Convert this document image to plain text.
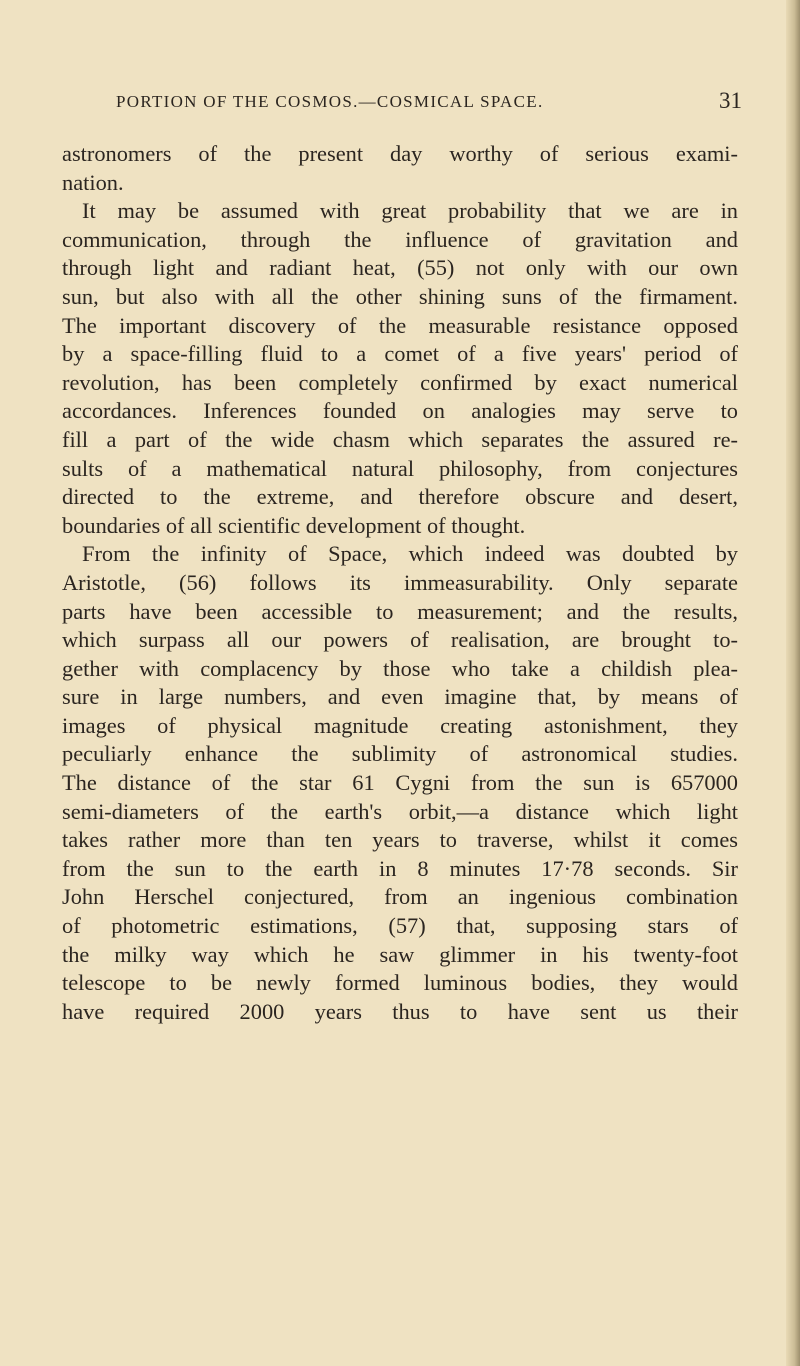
PORTION OF THE COSMOS.—COSMICAL SPACE.	31
astronomers of the present day worthy of serious exami-
nation.
It may be assumed with great probability that we are in
communication, through the influence of gravitation and
through light and radiant heat, (55) not only with our own
sun, but also with all the other shining suns of the firmament.
The important discovery of the measurable resistance opposed
by a space-filling fluid to a comet of a five years' period of
revolution, has been completely confirmed by exact numerical
accordances. Inferences founded on analogies may serve to
fill a part of the wide chasm which separates the assured re-
sults of a mathematical natural philosophy, from conjectures
directed to the extreme, and therefore obscure and desert,
boundaries of all scientific development of thought.
From the infinity of Space, which indeed was doubted by
Aristotle, (56) follows its immeasurability. Only separate
parts have been accessible to measurement; and the results,
which surpass all our powers of realisation, are brought to-
gether with complacency by those who take a childish plea-
sure in large numbers, and even imagine that, by means of
images of physical magnitude creating astonishment, they
peculiarly enhance the sublimity of astronomical studies.
The distance of the star 61 Cygni from the sun is 657000
semi-diameters of the earth's orbit,—a distance which light
takes rather more than ten years to traverse, whilst it comes
from the sun to the earth in 8 minutes 17·78 seconds. Sir
John Herschel conjectured, from an ingenious combination
of photometric estimations, (57) that, supposing stars of
the milky way which he saw glimmer in his twenty-foot
telescope to be newly formed luminous bodies, they would
have required 2000 years thus to have sent us their
